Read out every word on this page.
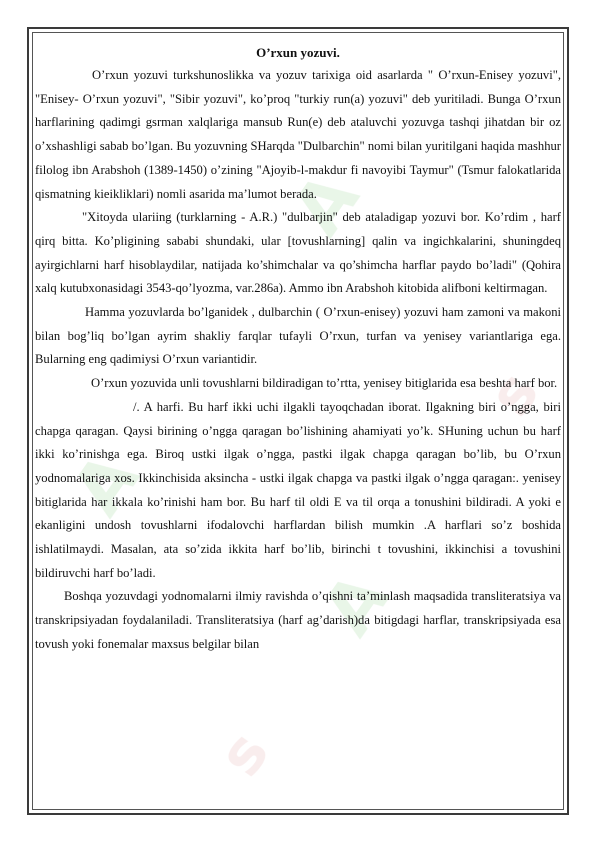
A
A
A
s
s
O’rxun yozuvi.

O’rxun yozuvi turkshunoslikka va yozuv tarixiga oid asarlarda " O’rxun-Enisey yozuvi", "Enisey- O’rxun yozuvi", "Sibir yozuvi", ko’proq "turkiy run(a) yozuvi" deb yuritiladi. Bunga O’rxun harflarining qadimgi gsrman xalqlariga mansub Run(e) deb ataluvchi yozuvga tashqi jihatdan bir oz o’xshashligi sabab bo’lgan. Bu yozuvning SHarqda "Dulbarchin" nomi bilan yuritilgani haqida mashhur filolog ibn Arabshoh (1389-1450) o’zining "Ajoyib-l-makdur fi navoyibi Taymur" (Tsmur falokatlarida qismatning kieikliklari) nomli asarida ma’lumot berada.

"Xitoyda ulariing (turklarning - A.R.) "dulbarjin" deb ataladigap yozuvi bor. Ko’rdim , harf qirq bitta. Ko’pligining sababi shundaki, ular [tovushlarning] qalin va ingichkalarini, shuningdeq ayirgichlarni harf hisoblaydilar, natijada ko’shimchalar va qo’shimcha harflar paydo bo’ladi" (Qohira xalq kutubxonasidagi 3543-qo’lyozma, var.286a). Ammo ibn Arabshoh kitobida alifboni keltirmagan.

Hamma yozuvlarda bo’lganidek , dulbarchin ( O’rxun-enisey) yozuvi ham zamoni va makoni bilan bog’liq bo’lgan ayrim shakliy farqlar tufayli O’rxun, turfan va yenisey variantlariga ega. Bularning eng qadimiysi O’rxun variantidir.

O’rxun yozuvida unli tovushlarni bildiradigan to’rtta, yenisey bitiglarida esa beshta harf bor.

/. A harfi. Bu harf ikki uchi ilgakli tayoqchadan iborat. Ilgakning biri o’ngga, biri chapga qaragan. Qaysi birining o’ngga qaragan bo’lishining ahamiyati yo’k. SHuning uchun bu harf ikki ko’rinishga ega. Biroq ustki ilgak o’ngga, pastki ilgak chapga qaragan bo’lib, bu O’rxun yodnomalariga xos. Ikkinchisida aksincha - ustki ilgak chapga va pastki ilgak o’ngga qaragan:. yenisey bitiglarida har ikkala ko’rinishi ham bor. Bu harf til oldi E va til orqa a tonushini bildiradi. A yoki e ekanligini undosh tovushlarni ifodalovchi harflardan bilish mumkin .A harflari so’z boshida ishlatilmaydi. Masalan, ata so’zida ikkita harf bo’lib, birinchi t tovushini, ikkinchisi a tovushini bildiruvchi harf bo’ladi.

Boshqa yozuvdagi yodnomalarni ilmiy ravishda o’qishni ta’minlash maqsadida transliteratsiya va transkripsiyadan foydalaniladi. Transliteratsiya (harf ag’darish)da bitigdagi harflar, transkripsiyada esa tovush yoki fonemalar maxsus belgilar bilan
